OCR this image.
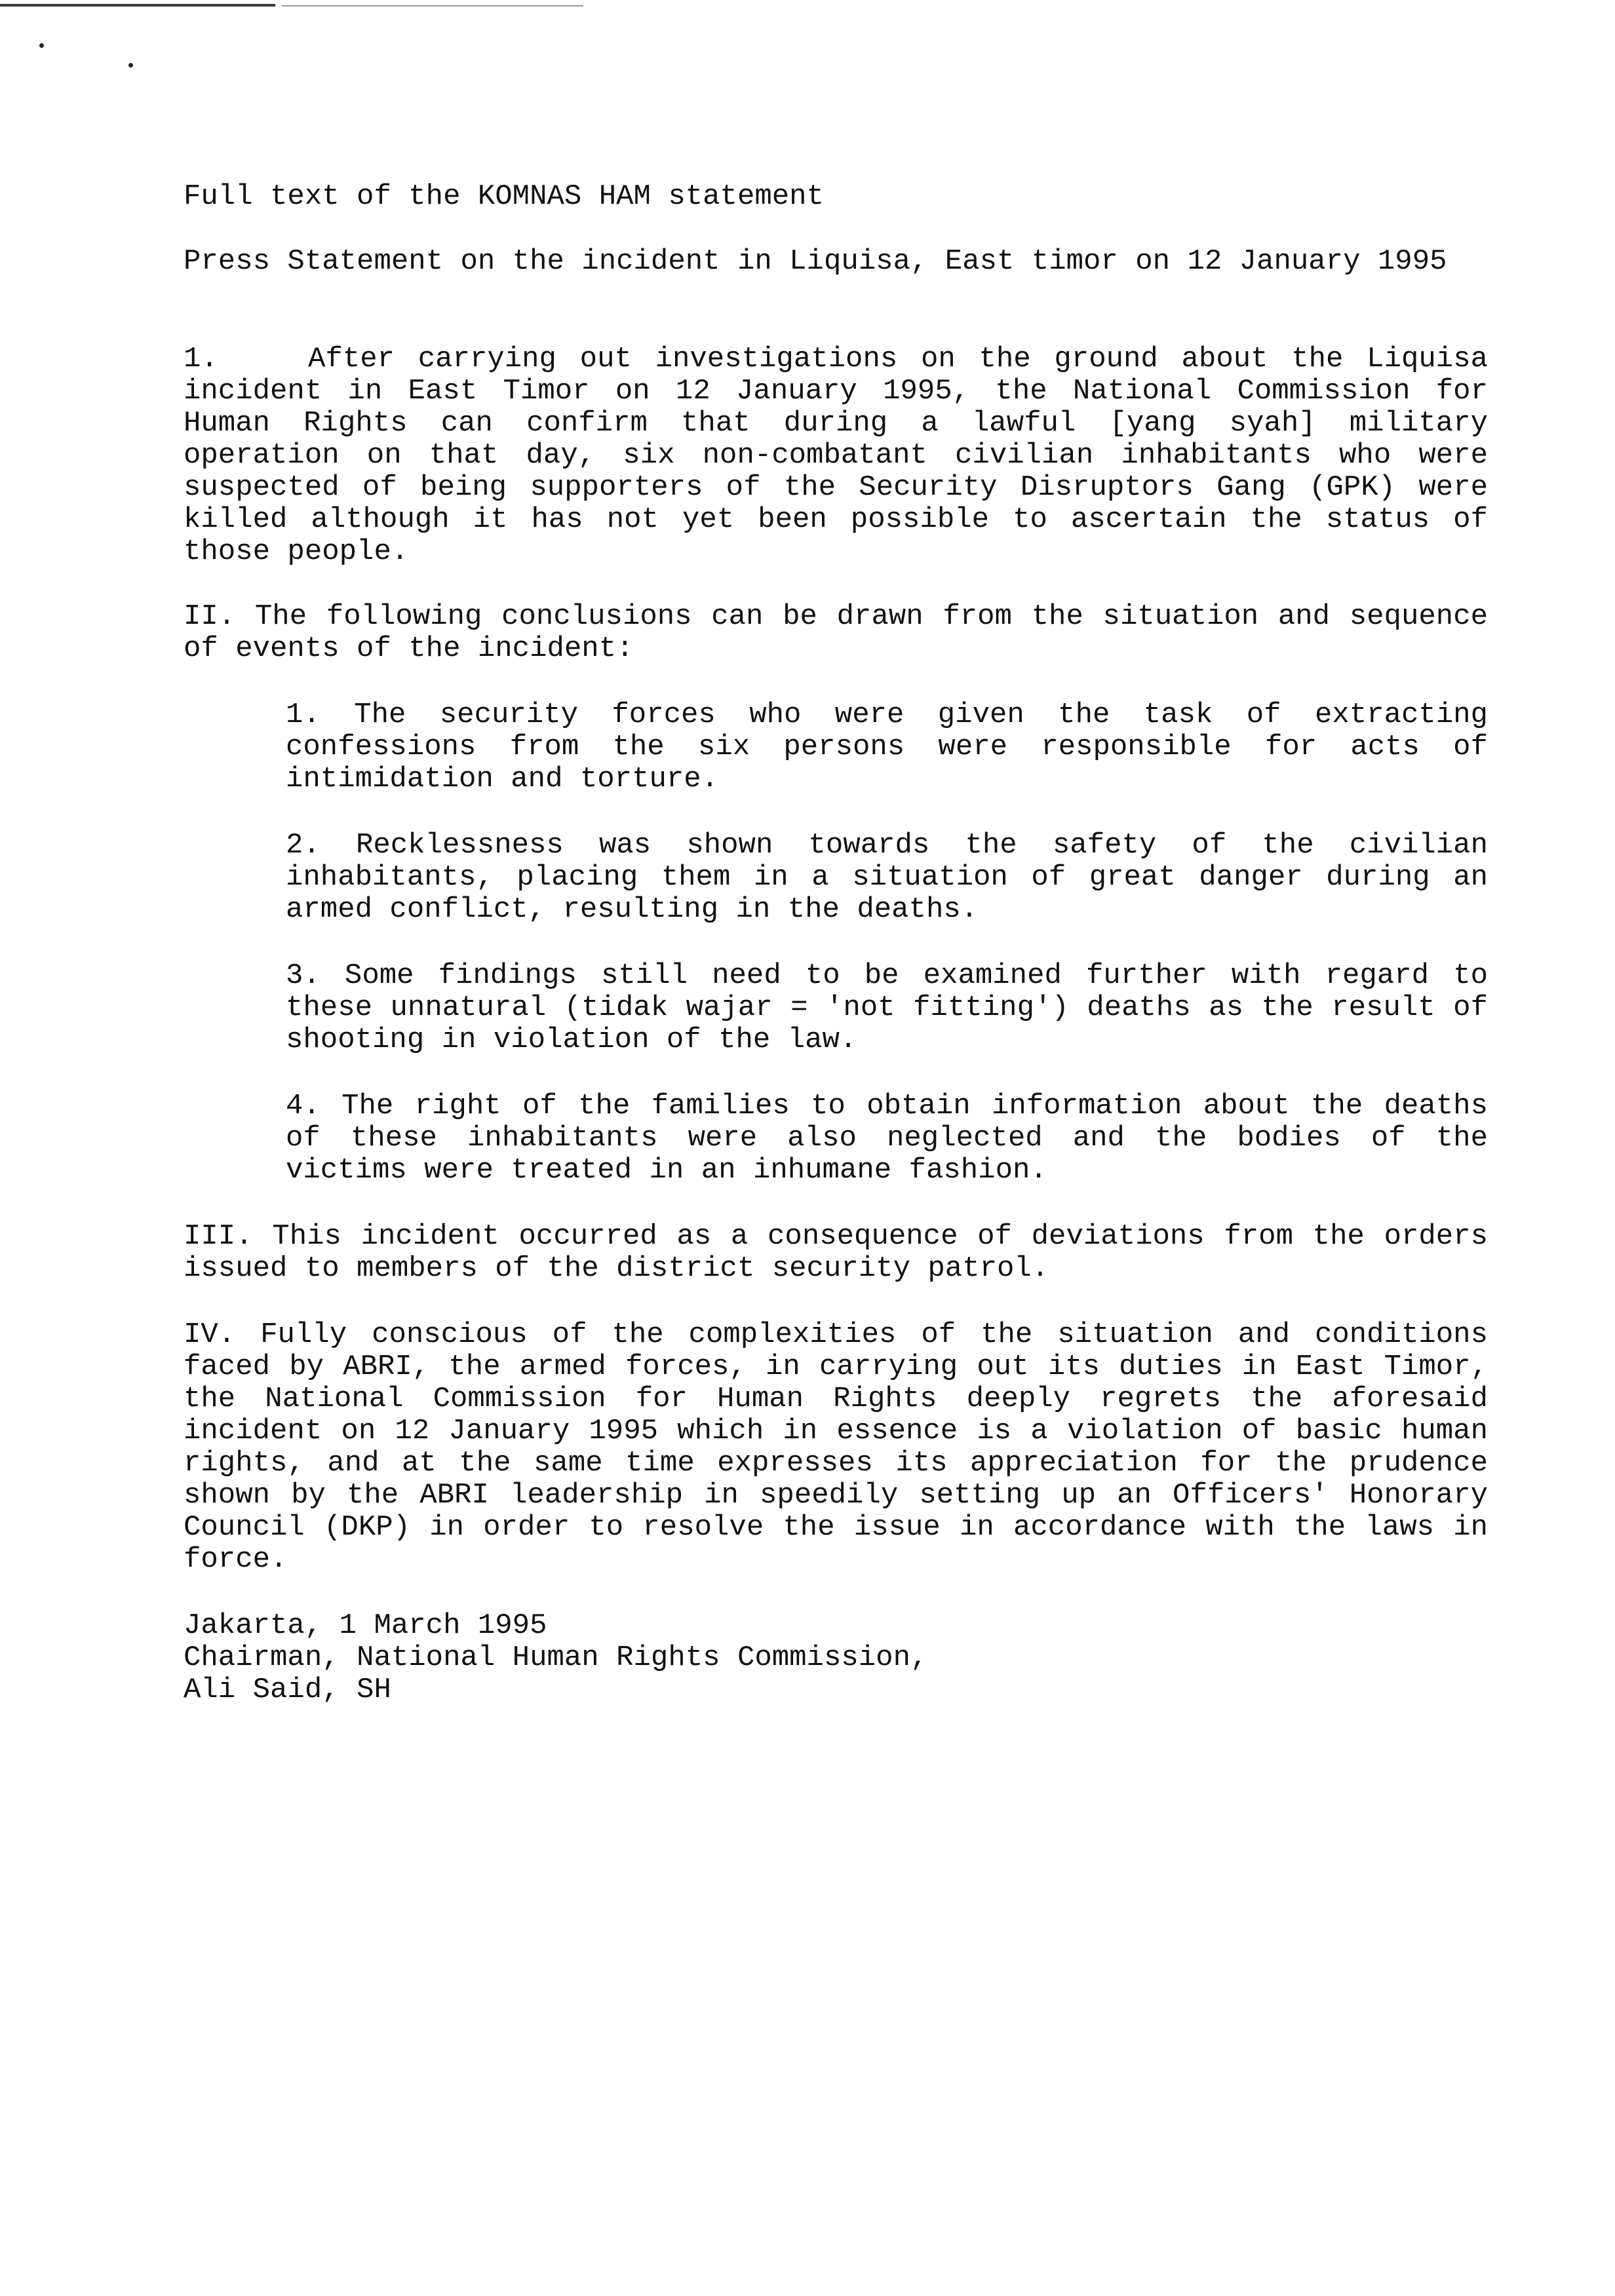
Full text of the KOMNAS HAM statement

Press Statement on the incident in Liquisa, East timor on 12 January 1995

1.	After carrying out investigations on the ground about the Liquisa incident in East Timor on 12 January 1995, the National Commission for Human Rights can confirm that during a lawful [yang syah] military operation on that day, six non-combatant civilian inhabitants who were suspected of being supporters of the Security Disruptors Gang (GPK) were killed although it has not yet been possible to ascertain the status of those people.

II. The following conclusions can be drawn from the situation and sequence of events of the incident:

1. The security forces who were given the task of extracting confessions from the six persons were responsible for acts of intimidation and torture.

2. Recklessness was shown towards the safety of the civilian inhabitants, placing them in a situation of great danger during an armed conflict, resulting in the deaths.

3. Some findings still need to be examined further with regard to these unnatural (tidak wajar = 'not fitting') deaths as the result of shooting in violation of the law.

4. The right of the families to obtain information about the deaths of these inhabitants were also neglected and the bodies of the victims were treated in an inhumane fashion.

III. This incident occurred as a consequence of deviations from the orders issued to members of the district security patrol.

IV. Fully conscious of the complexities of the situation and conditions faced by ABRI, the armed forces, in carrying out its duties in East Timor, the National Commission for Human Rights deeply regrets the aforesaid incident on 12 January 1995 which in essence is a violation of basic human rights, and at the same time expresses its appreciation for the prudence shown by the ABRI leadership in speedily setting up an Officers' Honorary Council (DKP) in order to resolve the issue in accordance with the laws in force.

Jakarta, 1 March 1995

Chairman, National Human Rights Commission,

Ali Said, SH
